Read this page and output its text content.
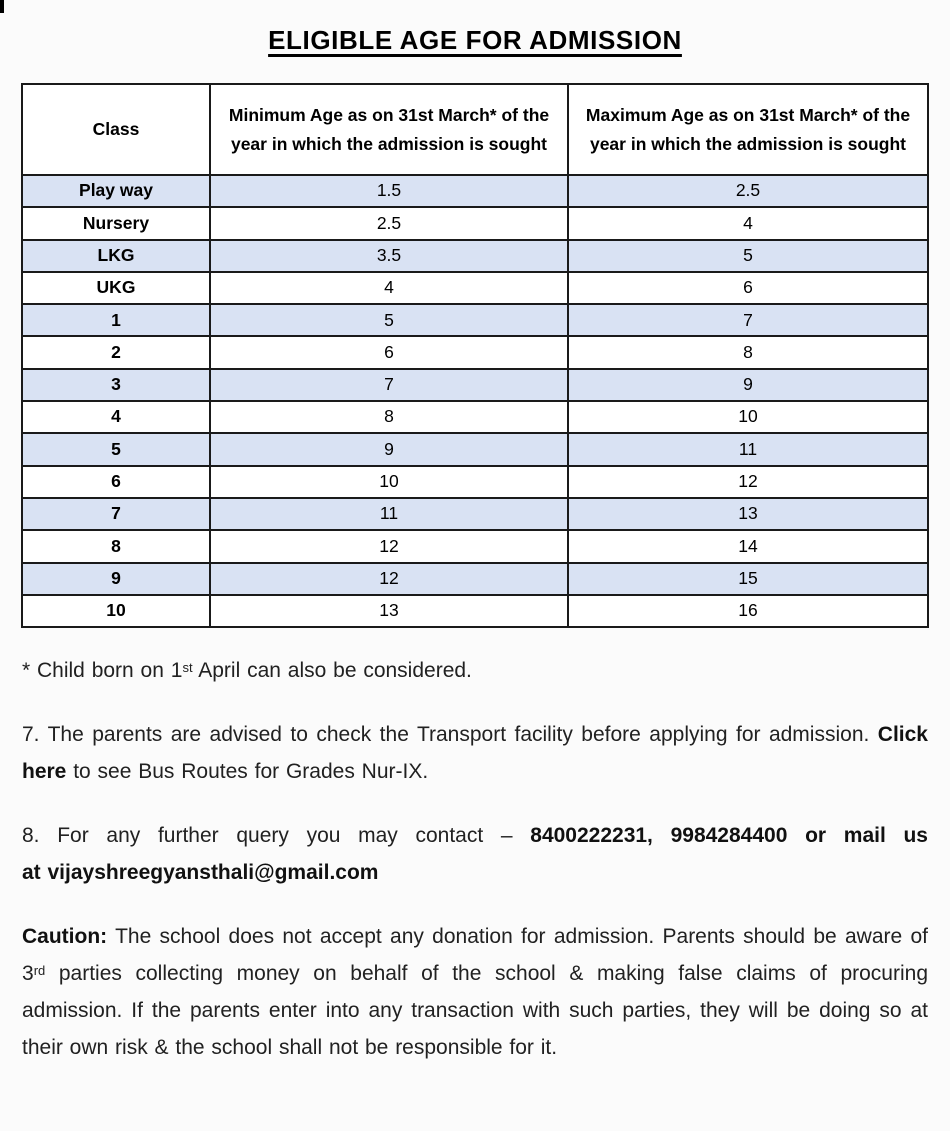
ELIGIBLE AGE FOR ADMISSION
Class	Minimum Age as on 31st March* of the year in which the admission is sought	Maximum Age as on 31st March* of the year in which the admission is sought
Play way	1.5	2.5
Nursery	2.5	4
LKG	3.5	5
UKG	4	6
1	5	7
2	6	8
3	7	9
4	8	10
5	9	11
6	10	12
7	11	13
8	12	14
9	12	15
10	13	16

* Child born on 1st April can also be considered.

7. The parents are advised to check the Transport facility before applying for admission. Click here to see Bus Routes for Grades Nur-IX.

8. For any further query you may contact – 8400222231, 9984284400 or mail us at vijayshreegyansthali@gmail.com

Caution: The school does not accept any donation for admission. Parents should be aware of 3rd parties collecting money on behalf of the school & making false claims of procuring admission. If the parents enter into any transaction with such parties, they will be doing so at their own risk & the school shall not be responsible for it.
